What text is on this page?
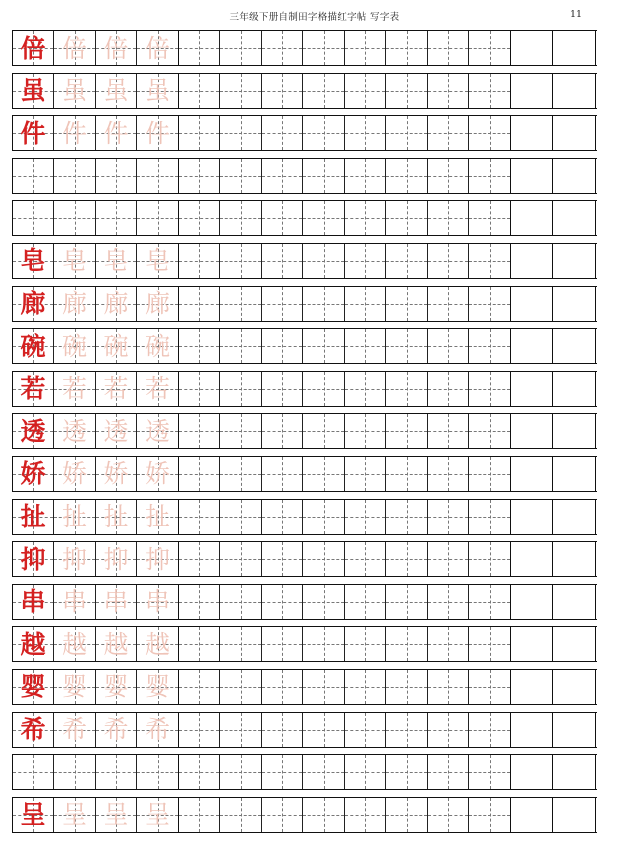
三年级下册自制田字格描红字帖 写字表	11
倍 倍 倍 倍
虽 虽 虽 虽
件 件 件 件
皂 皂 皂 皂
廊 廊 廊 廊
碗 碗 碗 碗
若 若 若 若
透 透 透 透
娇 娇 娇 娇
扯 扯 扯 扯
抑 抑 抑 抑
串 串 串 串
越 越 越 越
婴 婴 婴 婴
希 希 希 希
呈 呈 呈 呈
